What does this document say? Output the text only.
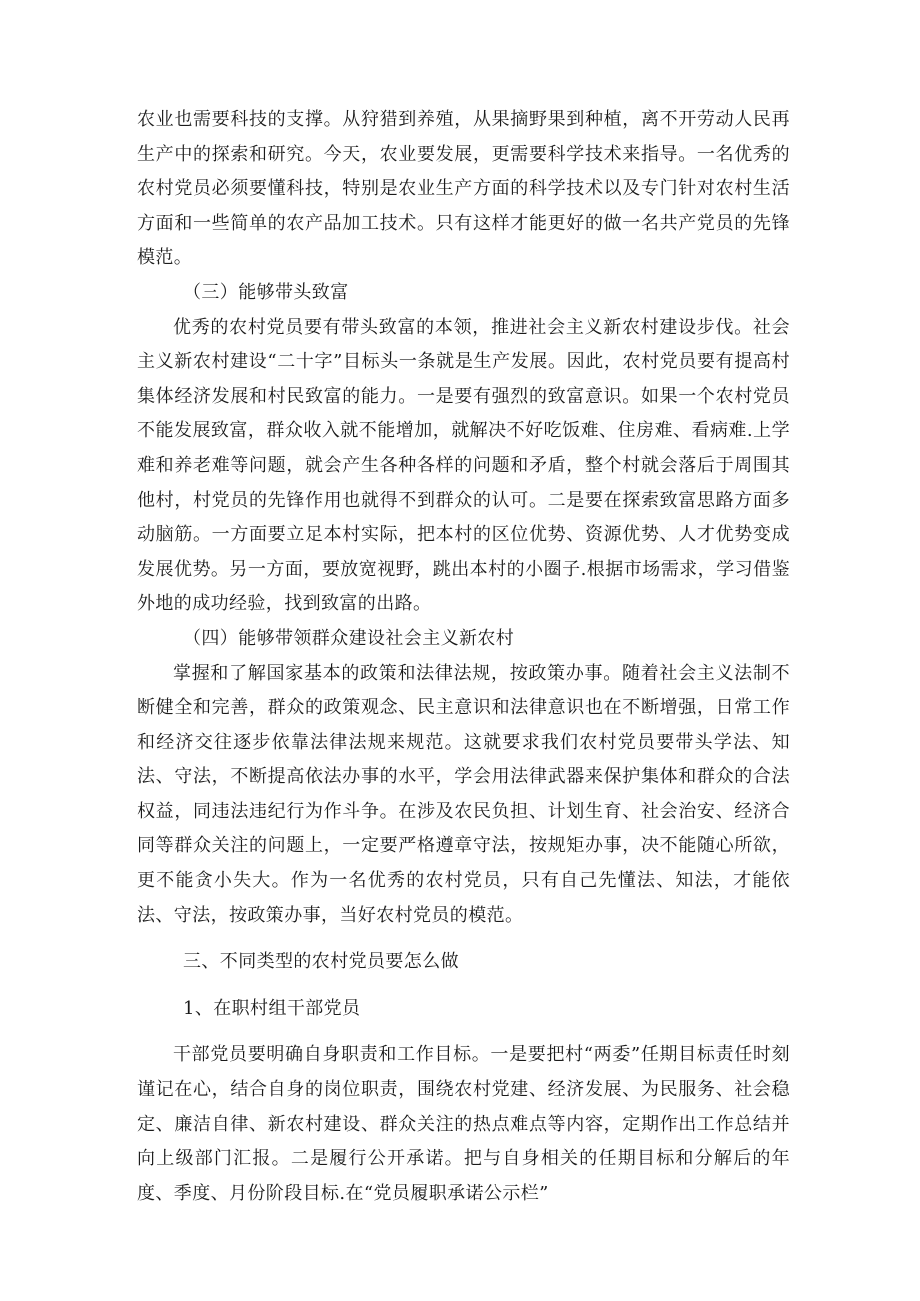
农业也需要科技的支撑。从狩猎到养殖，从果摘野果到种植，离不开劳动人民再生产中的探索和研究。今天，农业要发展，更需要科学技术来指导。一名优秀的农村党员必须要懂科技，特别是农业生产方面的科学技术以及专门针对农村生活方面和一些简单的农产品加工技术。只有这样才能更好的做一名共产党员的先锋模范。

（三）能够带头致富

优秀的农村党员要有带头致富的本领，推进社会主义新农村建设步伐。社会主义新农村建设“二十字”目标头一条就是生产发展。因此，农村党员要有提高村集体经济发展和村民致富的能力。一是要有强烈的致富意识。如果一个农村党员不能发展致富，群众收入就不能增加，就解决不好吃饭难、住房难、看病难.上学难和养老难等问题，就会产生各种各样的问题和矛盾，整个村就会落后于周围其他村，村党员的先锋作用也就得不到群众的认可。二是要在探索致富思路方面多动脑筋。一方面要立足本村实际，把本村的区位优势、资源优势、人才优势变成发展优势。另一方面，要放宽视野，跳出本村的小圈子.根据市场需求，学习借鉴外地的成功经验，找到致富的出路。

（四）能够带领群众建设社会主义新农村

掌握和了解国家基本的政策和法律法规，按政策办事。随着社会主义法制不断健全和完善，群众的政策观念、民主意识和法律意识也在不断增强，日常工作和经济交往逐步依靠法律法规来规范。这就要求我们农村党员要带头学法、知法、守法，不断提高依法办事的水平，学会用法律武器来保护集体和群众的合法权益，同违法违纪行为作斗争。在涉及农民负担、计划生育、社会治安、经济合同等群众关注的问题上，一定要严格遵章守法，按规矩办事，决不能随心所欲，更不能贪小失大。作为一名优秀的农村党员，只有自己先懂法、知法，才能依法、守法，按政策办事，当好农村党员的模范。

三、不同类型的农村党员要怎么做

1、在职村组干部党员

干部党员要明确自身职责和工作目标。一是要把村“两委”任期目标责任时刻谨记在心，结合自身的岗位职责，围绕农村党建、经济发展、为民服务、社会稳定、廉洁自律、新农村建设、群众关注的热点难点等内容，定期作出工作总结并向上级部门汇报。二是履行公开承诺。把与自身相关的任期目标和分解后的年度、季度、月份阶段目标.在“党员履职承诺公示栏”
